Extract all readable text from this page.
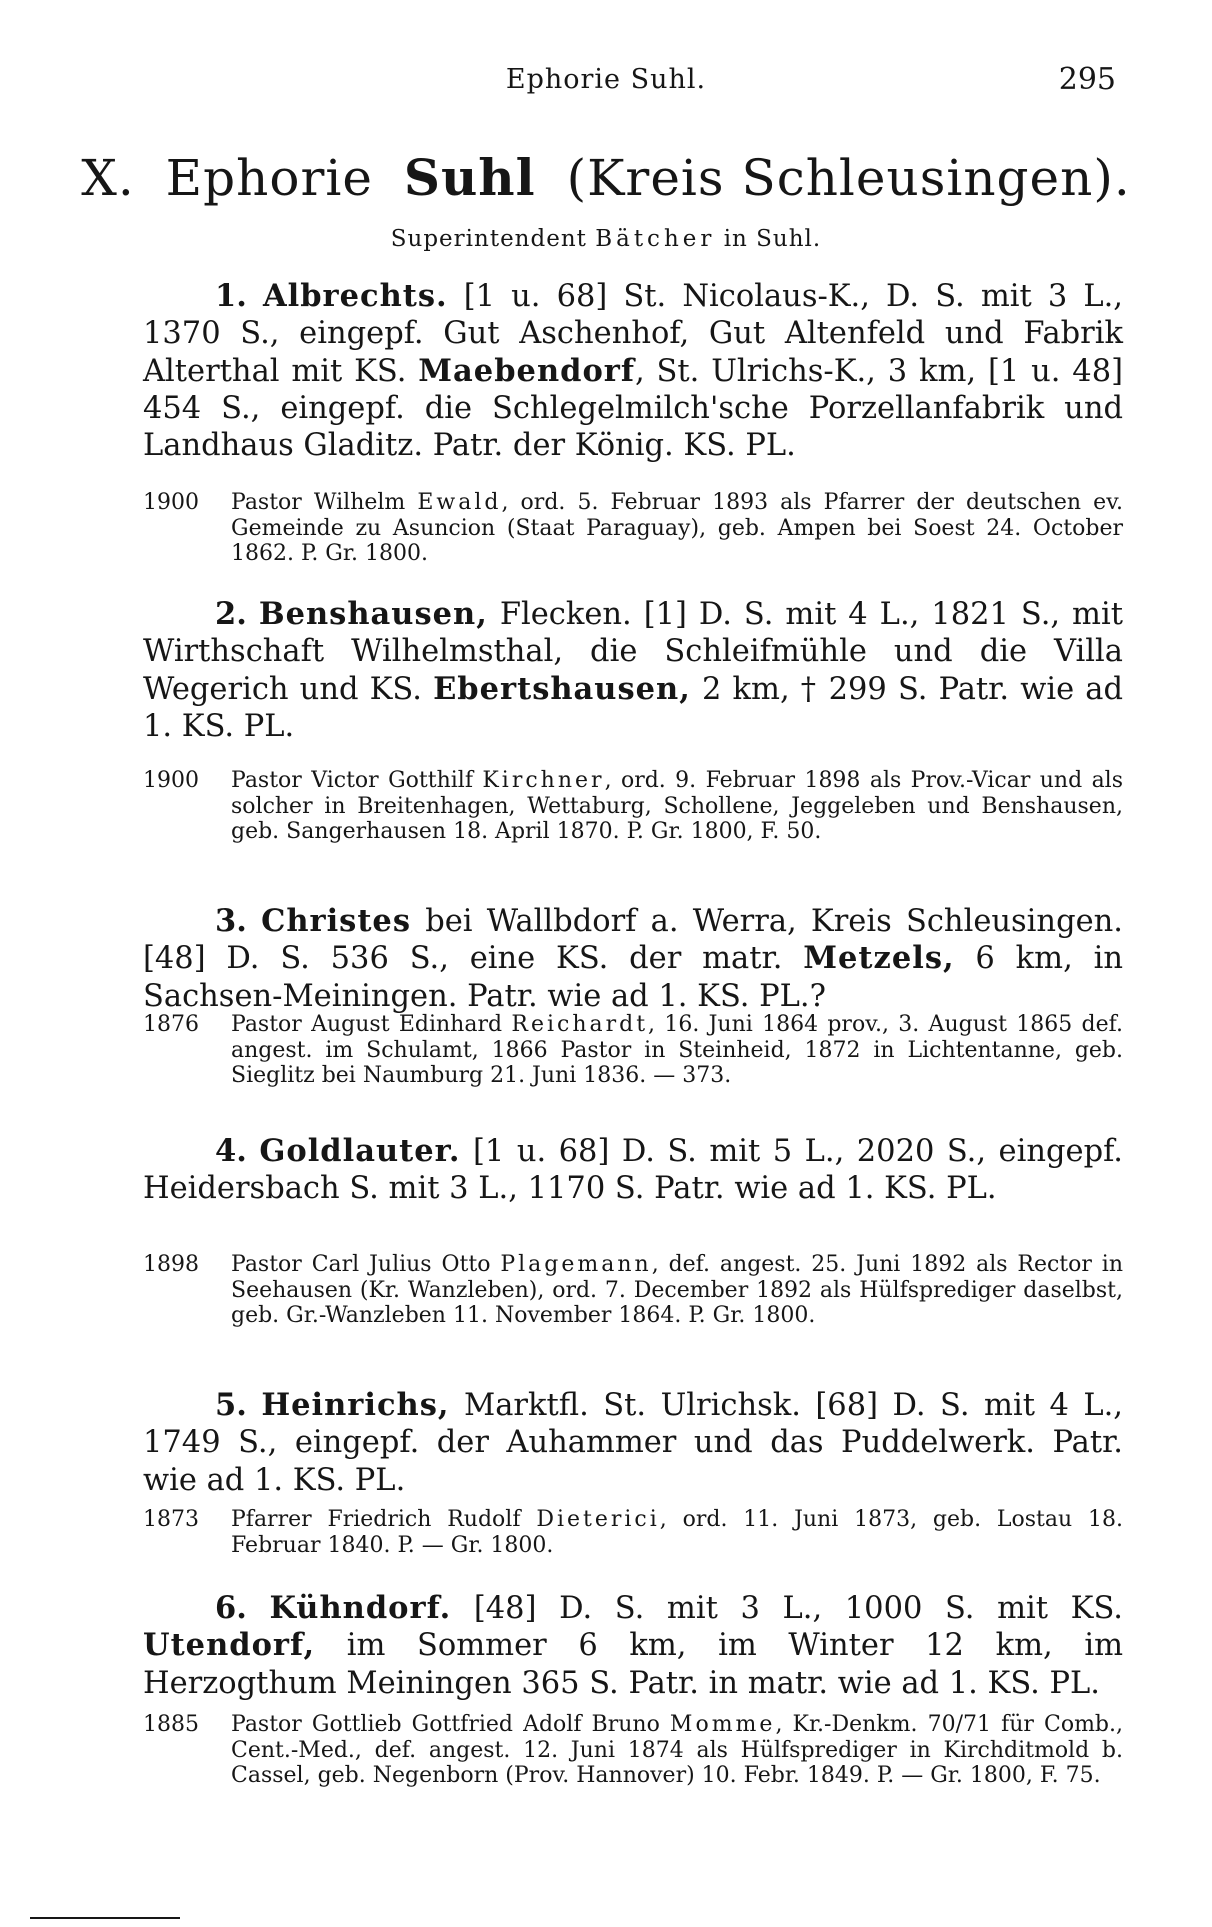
Ephorie Suhl.	295
X. Ephorie Suhl (Kreis Schleusingen).
Superintendent Bätcher in Suhl.

1. Albrechts. [1 u. 68] St. Nicolaus-K., D. S. mit 3 L., 1370 S., eingepf. Gut Aschenhof, Gut Altenfeld und Fabrik Alterthal mit KS. Maebendorf, St. Ulrichs-K., 3 km, [1 u. 48] 454 S., eingepf. die Schlegelmilch'sche Porzellanfabrik und Landhaus Gladitz. Patr. der König. KS. PL.

1900	Pastor Wilhelm Ewald, ord. 5. Februar 1893 als Pfarrer der deutschen ev. Gemeinde zu Asuncion (Staat Paraguay), geb. Ampen bei Soest 24. October 1862. P. Gr. 1800.

2. Benshausen, Flecken. [1] D. S. mit 4 L., 1821 S., mit Wirthschaft Wilhelmsthal, die Schleifmühle und die Villa Wegerich und KS. Ebertshausen, 2 km, † 299 S. Patr. wie ad 1. KS. PL.

1900	Pastor Victor Gotthilf Kirchner, ord. 9. Februar 1898 als Prov.-Vicar und als solcher in Breitenhagen, Wettaburg, Schollene, Jeggeleben und Benshausen, geb. Sangerhausen 18. April 1870. P. Gr. 1800, F. 50.

3. Christes bei Wallbdorf a. Werra, Kreis Schleusingen. [48] D. S. 536 S., eine KS. der matr. Metzels, 6 km, in Sachsen-Meiningen. Patr. wie ad 1. KS. PL.?

1876	Pastor August Edinhard Reichardt, 16. Juni 1864 prov., 3. August 1865 def. angest. im Schulamt, 1866 Pastor in Steinheid, 1872 in Lichtentanne, geb. Sieglitz bei Naumburg 21. Juni 1836. — 373.

4. Goldlauter. [1 u. 68] D. S. mit 5 L., 2020 S., eingepf. Heidersbach S. mit 3 L., 1170 S. Patr. wie ad 1. KS. PL.

1898	Pastor Carl Julius Otto Plagemann, def. angest. 25. Juni 1892 als Rector in Seehausen (Kr. Wanzleben), ord. 7. December 1892 als Hülfsprediger daselbst, geb. Gr.-Wanzleben 11. November 1864. P. Gr. 1800.

5. Heinrichs, Marktfl. St. Ulrichsk. [68] D. S. mit 4 L., 1749 S., eingepf. der Auhammer und das Puddelwerk. Patr. wie ad 1. KS. PL.

1873	Pfarrer Friedrich Rudolf Dieterici, ord. 11. Juni 1873, geb. Lostau 18. Februar 1840. P. — Gr. 1800.

6. Kühndorf. [48] D. S. mit 3 L., 1000 S. mit KS. Utendorf, im Sommer 6 km, im Winter 12 km, im Herzogthum Meiningen 365 S. Patr. in matr. wie ad 1. KS. PL.

1885	Pastor Gottlieb Gottfried Adolf Bruno Momme, Kr.-Denkm. 70/71 für Comb., Cent.-Med., def. angest. 12. Juni 1874 als Hülfsprediger in Kirchditmold b. Cassel, geb. Negenborn (Prov. Hannover) 10. Febr. 1849. P. — Gr. 1800, F. 75.
